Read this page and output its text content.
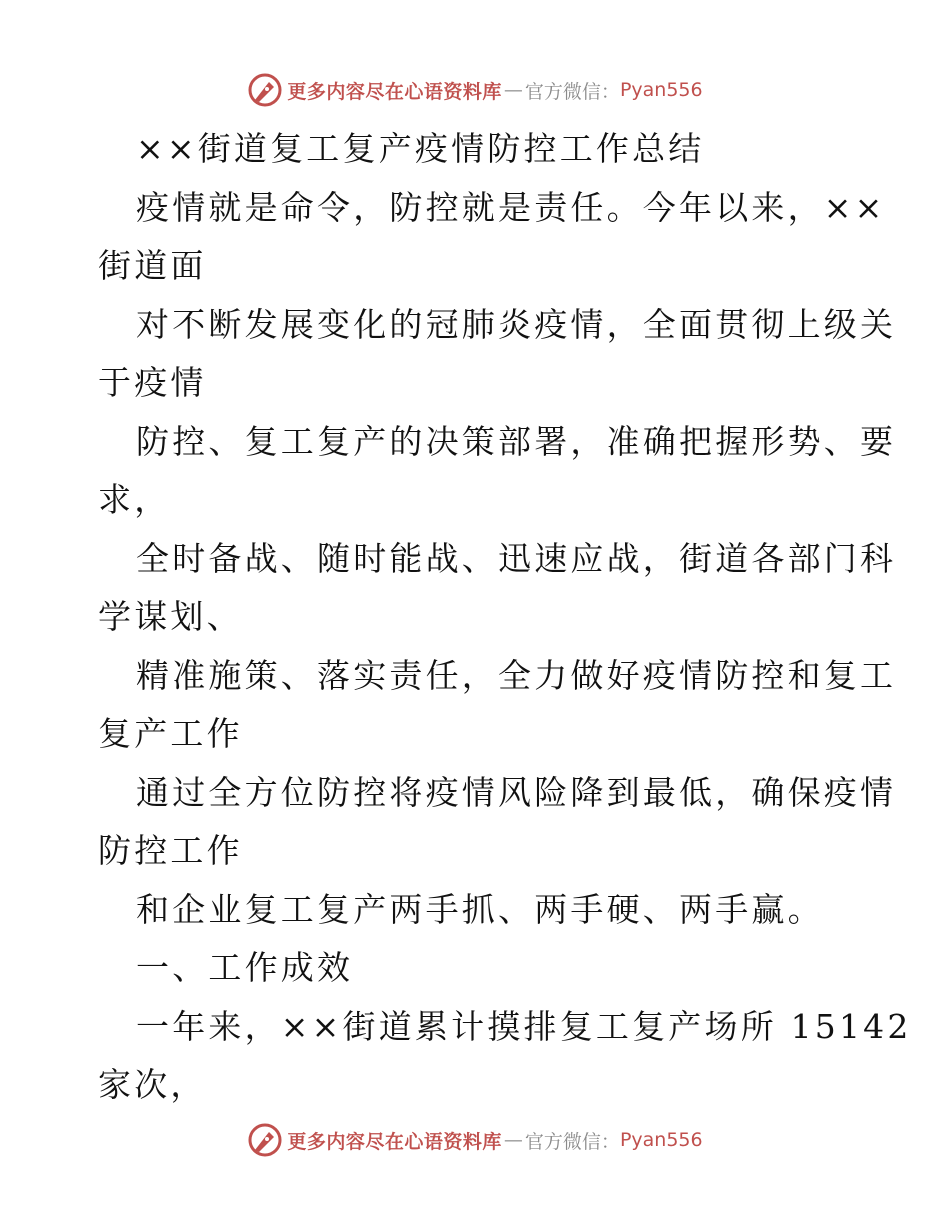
更多内容尽在心语资料库 — 官方微信： Pyan556
××街道复工复产疫情防控工作总结
疫情就是命令，防控就是责任。今年以来，××
街道面
对不断发展变化的冠肺炎疫情，全面贯彻上级关
于疫情
防控、复工复产的决策部署，准确把握形势、要
求，
全时备战、随时能战、迅速应战，街道各部门科
学谋划、
精准施策、落实责任，全力做好疫情防控和复工
复产工作
通过全方位防控将疫情风险降到最低，确保疫情
防控工作
和企业复工复产两手抓、两手硬、两手赢。
一、工作成效
一年来，××街道累计摸排复工复产场所 15142
家次，
更多内容尽在心语资料库 — 官方微信： Pyan556
